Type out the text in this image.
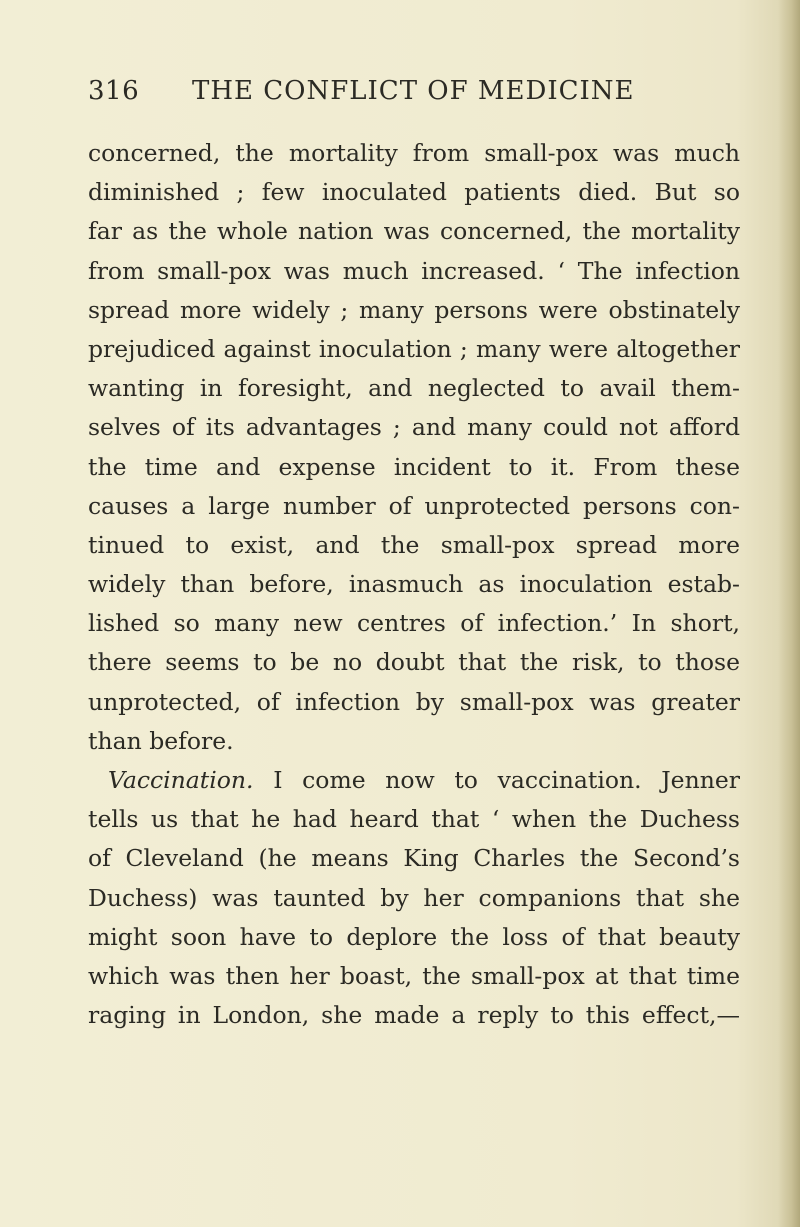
316 THE CONFLICT OF MEDICINE
concerned, the mortality from small-pox was much
diminished ; few inoculated patients died. But so
far as the whole nation was concerned, the mortality
from small-pox was much increased. ‘ The infection
spread more widely ; many persons were obstinately
prejudiced against inoculation ; many were altogether
wanting in foresight, and neglected to avail them-
selves of its advantages ; and many could not afford
the time and expense incident to it. From these
causes a large number of unprotected persons con-
tinued to exist, and the small-pox spread more
widely than before, inasmuch as inoculation estab-
lished so many new centres of infection.’ In short,
there seems to be no doubt that the risk, to those
unprotected, of infection by small-pox was greater
than before.
Vaccination. I come now to vaccination. Jenner
tells us that he had heard that ‘ when the Duchess
of Cleveland (he means King Charles the Second’s
Duchess) was taunted by her companions that she
might soon have to deplore the loss of that beauty
which was then her boast, the small-pox at that time
raging in London, she made a reply to this effect,—
